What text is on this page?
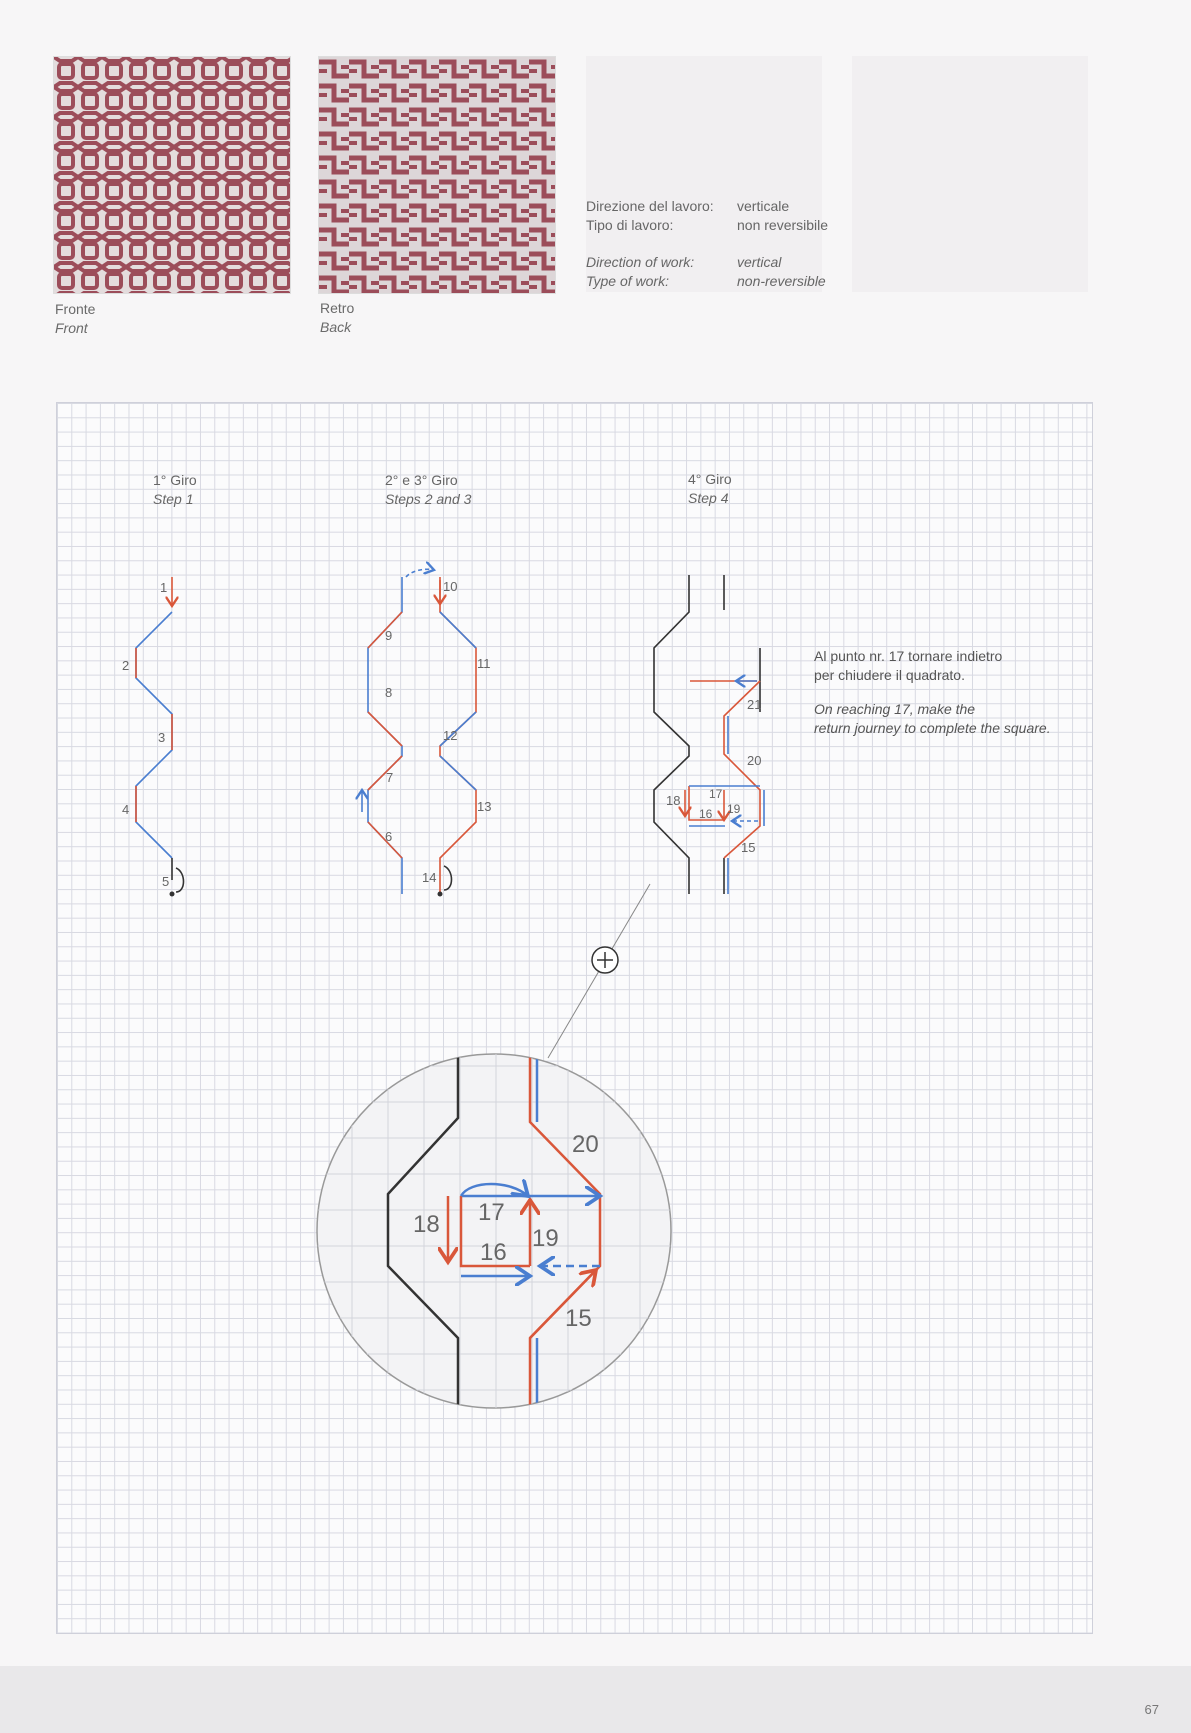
Fronte
Front
Retro
Back
Direzione del lavoro: verticale
Tipo di lavoro:	non reversibile
Direction of work:	vertical
Type of work:	non-reversible
1° Giro
Step 1
2° e 3° Giro
Steps 2 and 3
4° Giro
Step 4
Al punto nr. 17 tornare indietro
per chiudere il quadrato.
On reaching 17, make the
return journey to complete the square.
1
2
3
4
5
6
7
8
9
10
11
12
13
14
17
16
18
19
20
21
15
20
17
16
18
19
15
67
